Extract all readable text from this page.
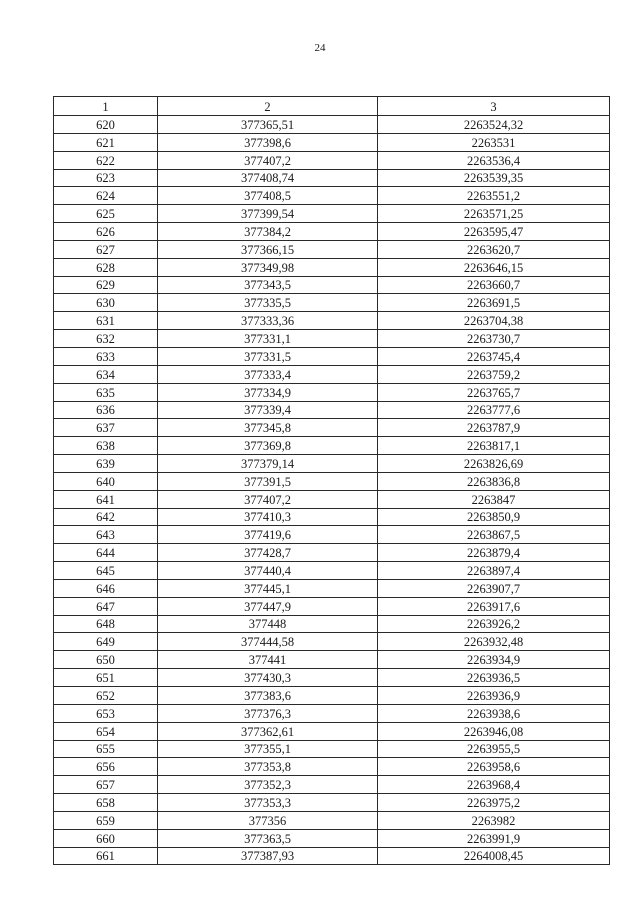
24
1	2	3
620	377365,51	2263524,32
621	377398,6	2263531
622	377407,2	2263536,4
623	377408,74	2263539,35
624	377408,5	2263551,2
625	377399,54	2263571,25
626	377384,2	2263595,47
627	377366,15	2263620,7
628	377349,98	2263646,15
629	377343,5	2263660,7
630	377335,5	2263691,5
631	377333,36	2263704,38
632	377331,1	2263730,7
633	377331,5	2263745,4
634	377333,4	2263759,2
635	377334,9	2263765,7
636	377339,4	2263777,6
637	377345,8	2263787,9
638	377369,8	2263817,1
639	377379,14	2263826,69
640	377391,5	2263836,8
641	377407,2	2263847
642	377410,3	2263850,9
643	377419,6	2263867,5
644	377428,7	2263879,4
645	377440,4	2263897,4
646	377445,1	2263907,7
647	377447,9	2263917,6
648	377448	2263926,2
649	377444,58	2263932,48
650	377441	2263934,9
651	377430,3	2263936,5
652	377383,6	2263936,9
653	377376,3	2263938,6
654	377362,61	2263946,08
655	377355,1	2263955,5
656	377353,8	2263958,6
657	377352,3	2263968,4
658	377353,3	2263975,2
659	377356	2263982
660	377363,5	2263991,9
661	377387,93	2264008,45
